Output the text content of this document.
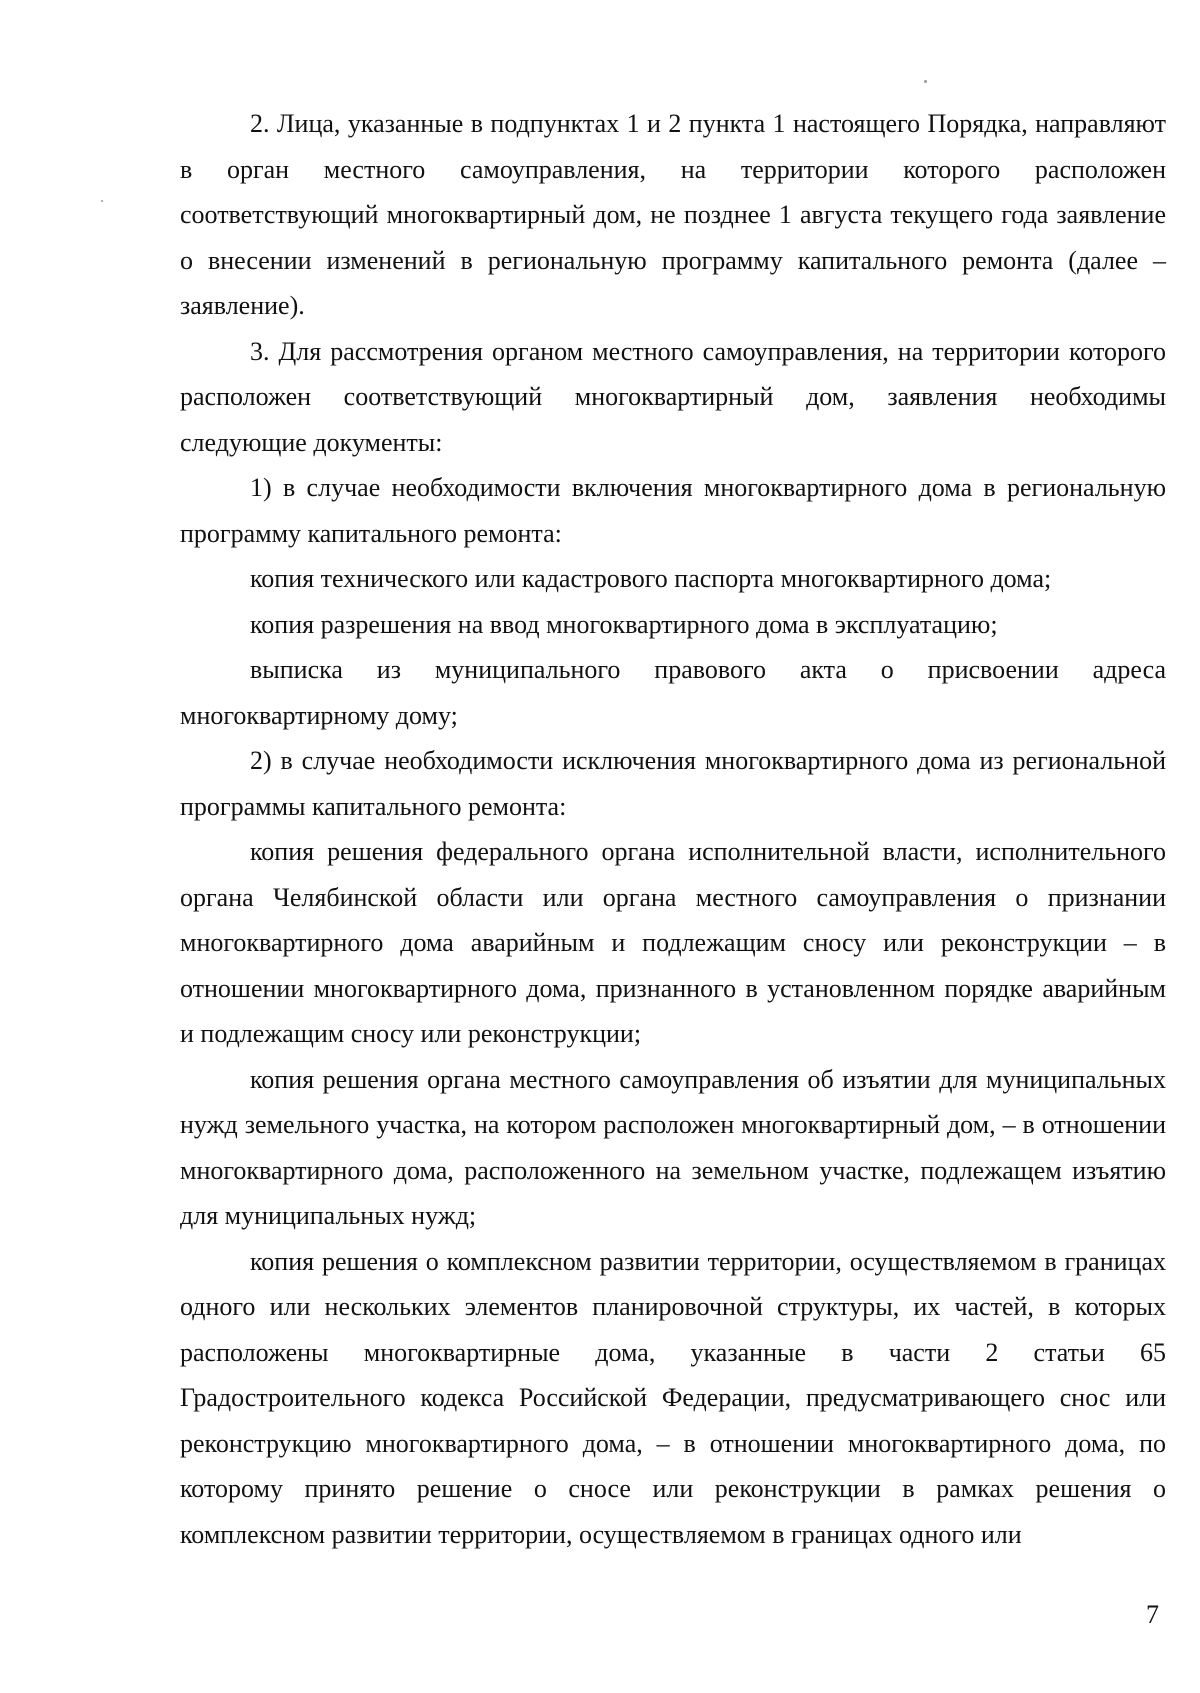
2. Лица, указанные в подпунктах 1 и 2 пункта 1 настоящего Порядка, направляют в орган местного самоуправления, на территории которого расположен соответствующий многоквартирный дом, не позднее 1 августа текущего года заявление о внесении изменений в региональную программу капитального ремонта (далее – заявление).

3. Для рассмотрения органом местного самоуправления, на территории которого расположен соответствующий многоквартирный дом, заявления необходимы следующие документы:

1) в случае необходимости включения многоквартирного дома в региональную программу капитального ремонта:

копия технического или кадастрового паспорта многоквартирного дома;

копия разрешения на ввод многоквартирного дома в эксплуатацию;

выписка из муниципального правового акта о присвоении адреса многоквартирному дому;

2) в случае необходимости исключения многоквартирного дома из региональной программы капитального ремонта:

копия решения федерального органа исполнительной власти, исполнительного органа Челябинской области или органа местного самоуправления о признании многоквартирного дома аварийным и подлежащим сносу или реконструкции – в отношении многоквартирного дома, признанного в установленном порядке аварийным и подлежащим сносу или реконструкции;

копия решения органа местного самоуправления об изъятии для муниципальных нужд земельного участка, на котором расположен многоквартирный дом, – в отношении многоквартирного дома, расположенного на земельном участке, подлежащем изъятию для муниципальных нужд;

копия решения о комплексном развитии территории, осуществляемом в границах одного или нескольких элементов планировочной структуры, их частей, в которых расположены многоквартирные дома, указанные в части 2 статьи 65 Градостроительного кодекса Российской Федерации, предусматривающего снос или реконструкцию многоквартирного дома, – в отношении многоквартирного дома, по которому принято решение о сносе или реконструкции в рамках решения о комплексном развитии территории, осуществляемом в границах одного или

7
